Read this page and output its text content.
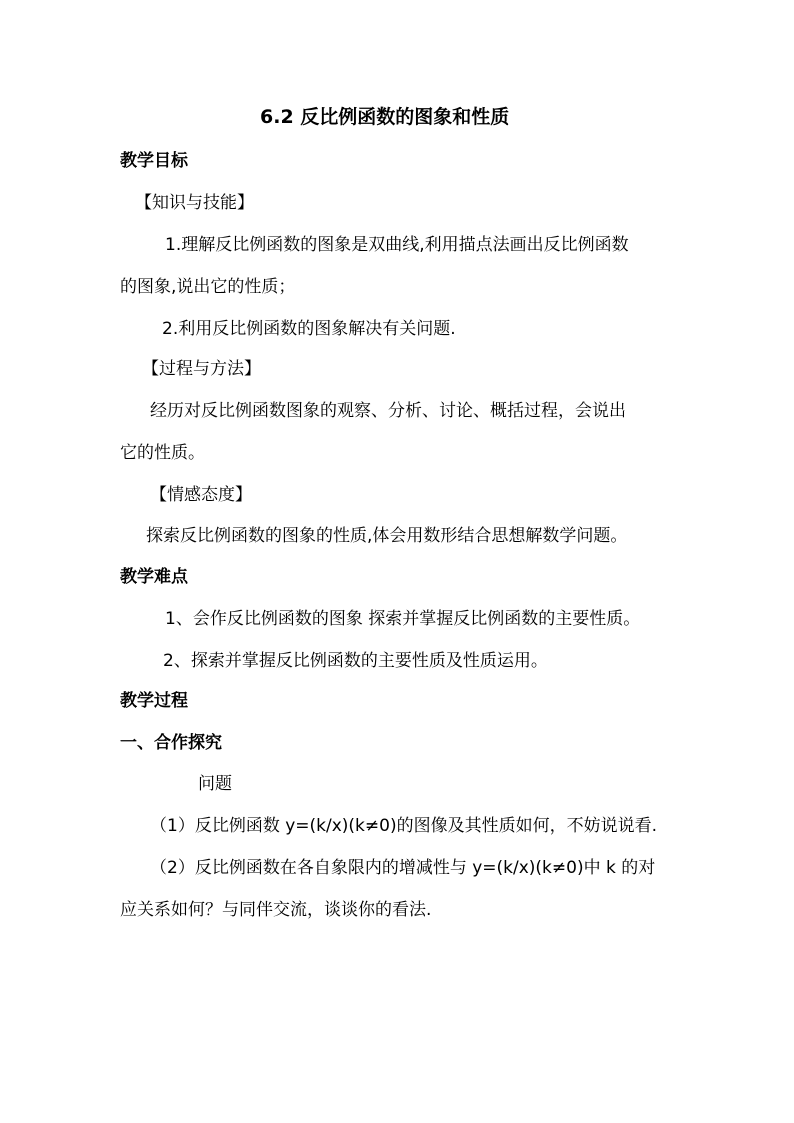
6.2 反比例函数的图象和性质
教学目标
【知识与技能】
1.理解反比例函数的图象是双曲线,利用描点法画出反比例函数
的图象,说出它的性质；
2.利用反比例函数的图象解决有关问题.
【过程与方法】
经历对反比例函数图象的观察、分析、讨论、概括过程，会说出
它的性质。
【情感态度】
探索反比例函数的图象的性质,体会用数形结合思想解数学问题。
教学难点
1、会作反比例函数的图象 探索并掌握反比例函数的主要性质。
2、探索并掌握反比例函数的主要性质及性质运用。
教学过程
一、合作探究
问题
（1）反比例函数 y=(k/x)(k≠0)的图像及其性质如何，不妨说说看.
（2）反比例函数在各自象限内的增减性与 y=(k/x)(k≠0)中 k 的对
应关系如何？与同伴交流，谈谈你的看法.
